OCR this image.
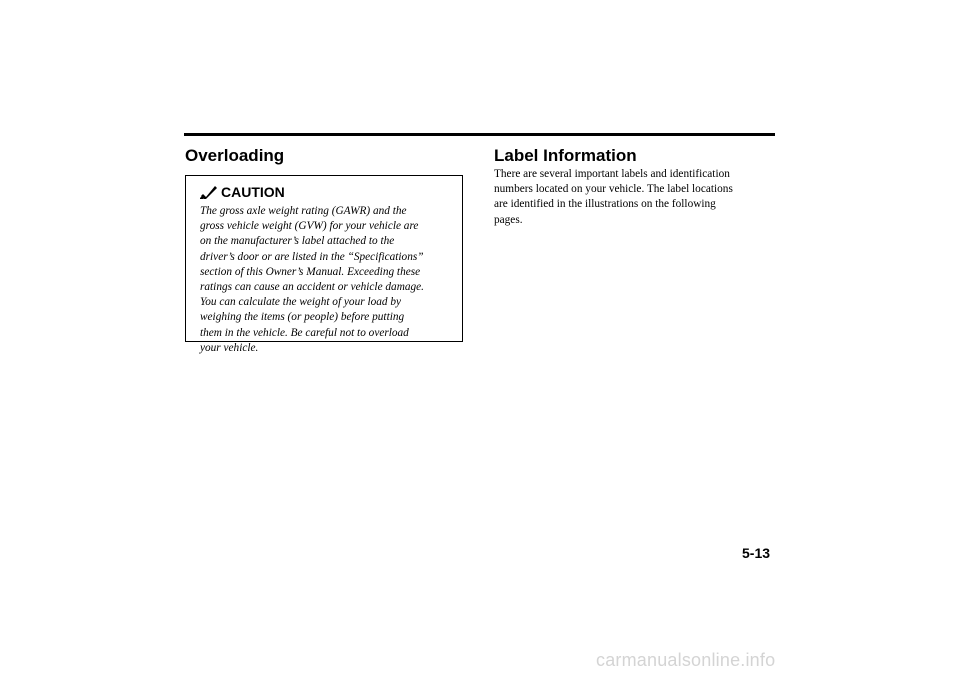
Overloading
CAUTION
The gross axle weight rating (GAWR) and the
gross vehicle weight (GVW) for your vehicle are
on the manufacturer’s label attached to the
driver’s door or are listed in the “Specifications”
section of this Owner’s Manual. Exceeding these
ratings can cause an accident or vehicle damage.
You can calculate the weight of your load by
weighing the items (or people) before putting
them in the vehicle. Be careful not to overload
your vehicle.
Label Information
There are several important labels and identification
numbers located on your vehicle. The label locations
are identified in the illustrations on the following
pages.
5-13
carmanualsonline.info
